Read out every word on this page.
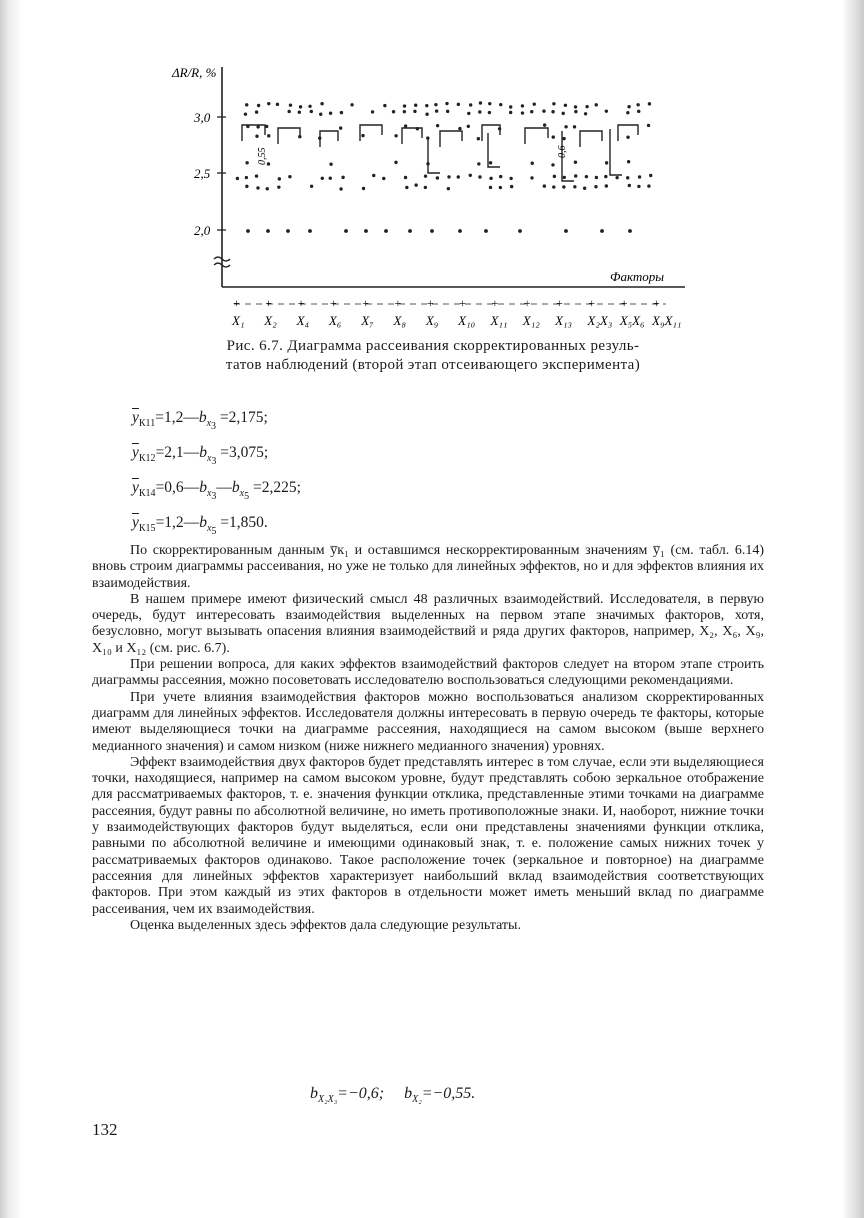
ΔR/R, %
3,0
2,5
2,0
Факторы
+
X₁
+
X₂
+
X₄
+
X₆
+
X₇
+
X₈
+
X₉
+
X₁₀
+
X₁₁
+
X₁₂
+
X₁₃
+
X₂X₃
+
X₅X₆
+
X₉X₁₁
0,55	0,6
Рис. 6.7. Диаграмма рассеивания скорректированных резуль-
татов наблюдений (второй этап отсеивающего эксперимента)
$\overline{y}_{К11}=1,2—b_{x_3} =2,175$;
$\overline{y}_{К12}=2,1—b_{x_3} =3,075$;
$\overline{y}_{К14}=0,6—b_{x_3}—b_{x_5} =2,225$;
$\overline{y}_{К15}=1,2—b_{x_5} =1,850$.

По скорректированным данным y̅к₁ и оставшимся нескорректированным значениям y̅₁ (см. табл. 6.14) вновь строим диаграммы рассеивания, но уже не только для линейных эффектов, но и для эффектов влияния их взаимодействия.

В нашем примере имеют физический смысл 48 различных взаимодействий. Исследователя, в первую очередь, будут интересовать взаимодействия выделенных на первом этапе значимых факторов, хотя, безусловно, могут вызывать опасения влияния взаимодействий и ряда других факторов, например, X₂, X₆, X₉, X₁₀ и X₁₂ (см. рис. 6.7).

При решении вопроса, для каких эффектов взаимодействий факторов следует на втором этапе строить диаграммы рассеяния, можно посоветовать исследователю воспользоваться следующими рекомендациями.

При учете влияния взаимодействия факторов можно воспользоваться анализом скорректированных диаграмм для линейных эффектов. Исследователя должны интересовать в первую очередь те факторы, которые имеют выделяющиеся точки на диаграмме рассеяния, находящиеся на самом высоком (выше верхнего медианного значения) и самом низком (ниже нижнего медианного значения) уровнях.

Эффект взаимодействия двух факторов будет представлять интерес в том случае, если эти выделяющиеся точки, находящиеся, например на самом высоком уровне, будут представлять собою зеркальное отображение для рассматриваемых факторов, т. е. значения функции отклика, представленные этими точками на диаграмме рассеяния, будут равны по абсолютной величине, но иметь противоположные знаки. И, наоборот, нижние точки у взаимодействующих факторов будут выделяться, если они представлены значениями функции отклика, равными по абсолютной величине и имеющими одинаковый знак, т. е. положение самых нижних точек у рассматриваемых факторов одинаково. Такое расположение точек (зеркальное и повторное) на диаграмме рассеяния для линейных эффектов характеризует наибольший вклад взаимодействия соответствующих факторов. При этом каждый из этих факторов в отдельности может иметь меньший вклад по диаграмме рассеивания, чем их взаимодействия.

Оценка выделенных здесь эффектов дала следующие результаты.

$b_{X_2X_3}=-0,6$; $b_{X_2}=-0,55$.
132
